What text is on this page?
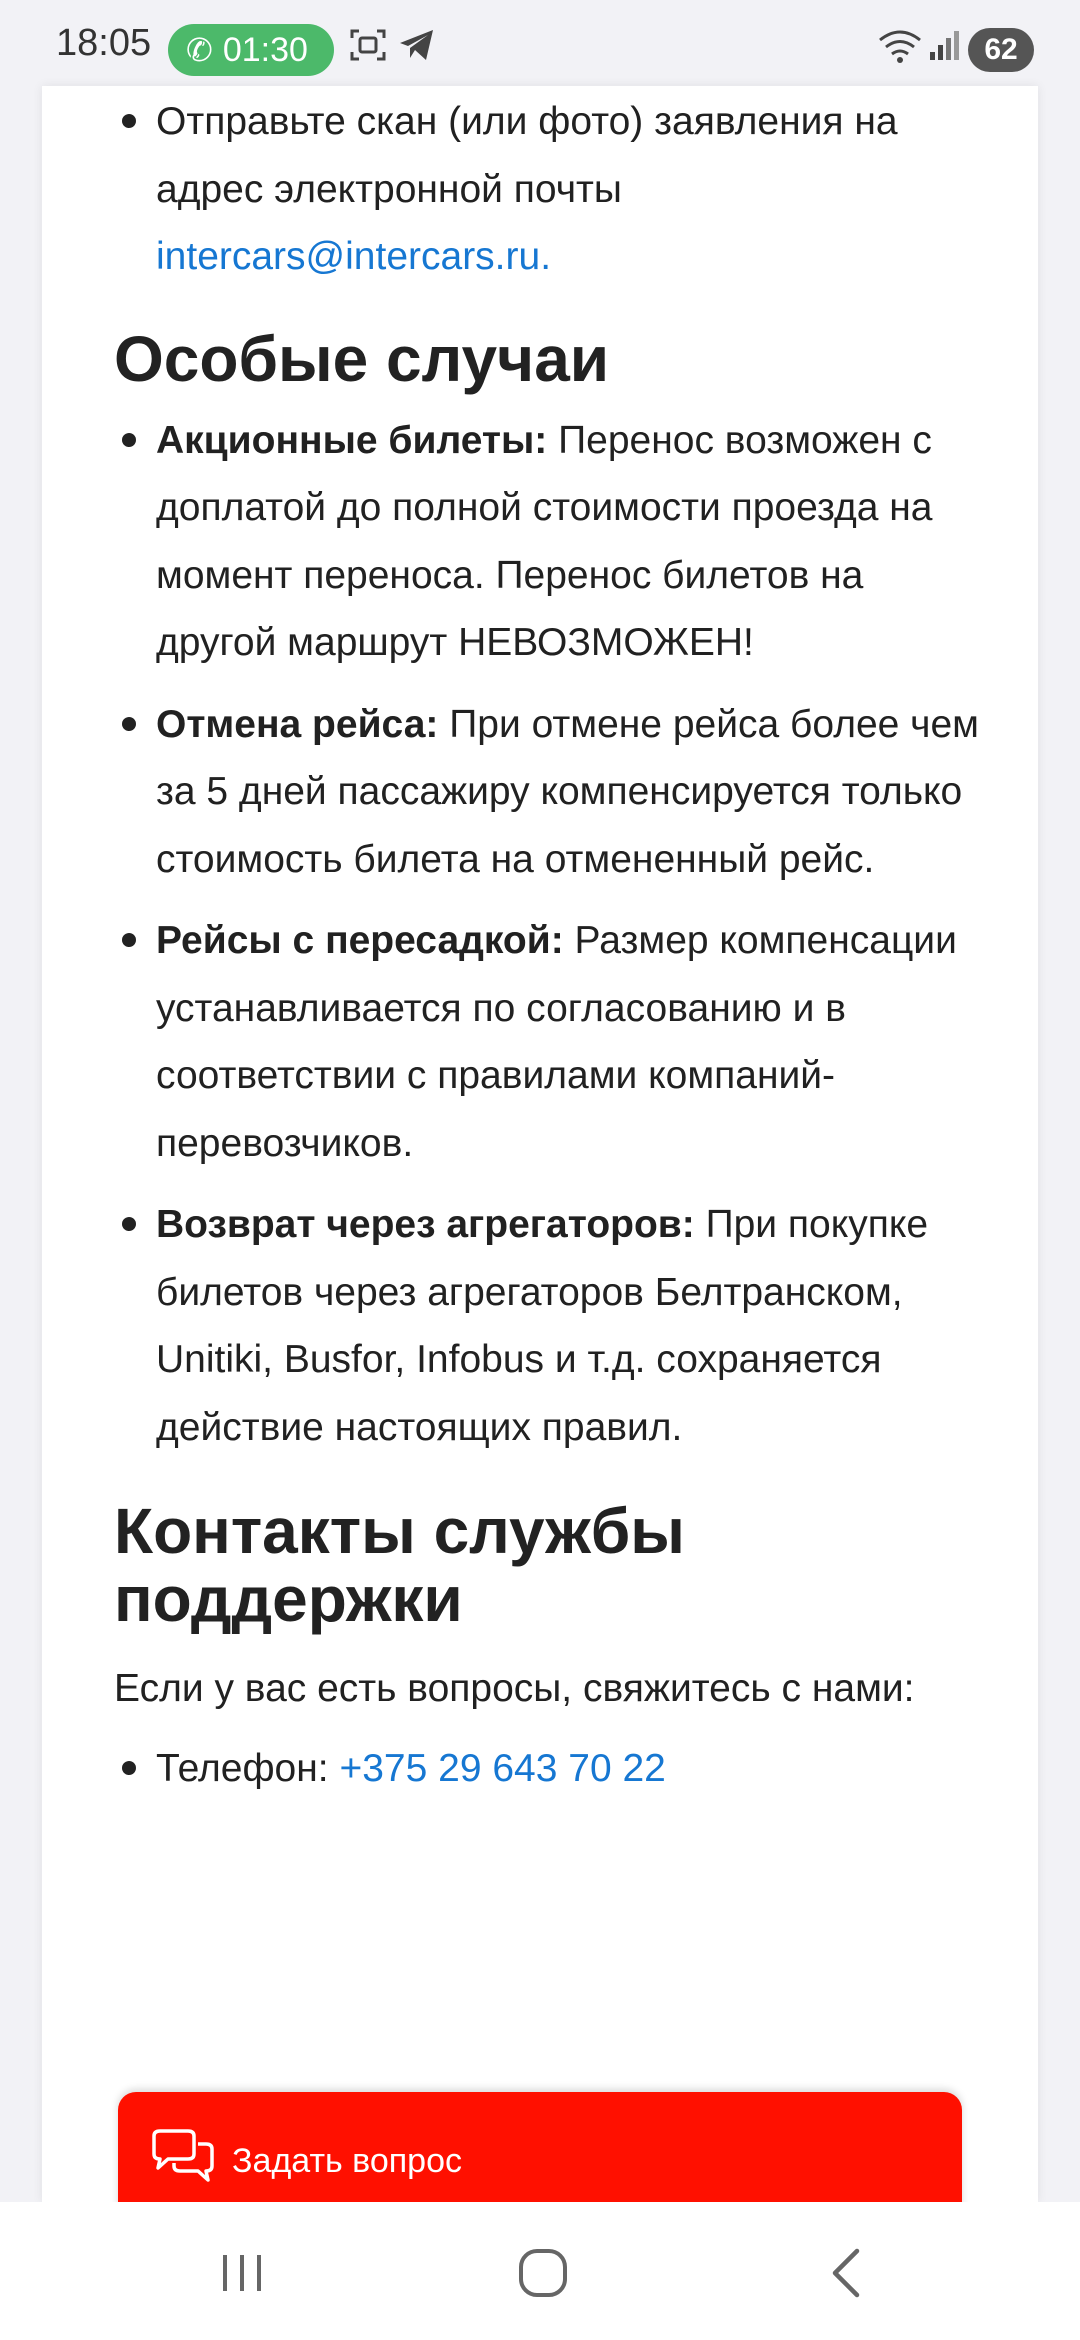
18:05 ✆ 01:30	62
Отправьте скан (или фото) заявления на адрес электронной почты intercars@intercars.ru.
Особые случаи
Акционные билеты: Перенос возможен с доплатой до полной стоимости проезда на момент переноса. Перенос билетов на другой маршрут НЕВОЗМОЖЕН!
Отмена рейса: При отмене рейса более чем за 5 дней пассажиру компенсируется только стоимость билета на отмененный рейс.
Рейсы с пересадкой: Размер компенсации устанавливается по согласованию и в соответствии с правилами компаний-перевозчиков.
Возврат через агрегаторов: При покупке билетов через агрегаторов Белтранском, Unitiki, Busfor, Infobus и т.д. сохраняется действие настоящих правил.
Контакты службы поддержки

Если у вас есть вопросы, свяжитесь с нами:

Телефон: +375 29 643 70 22
Задать вопрос
